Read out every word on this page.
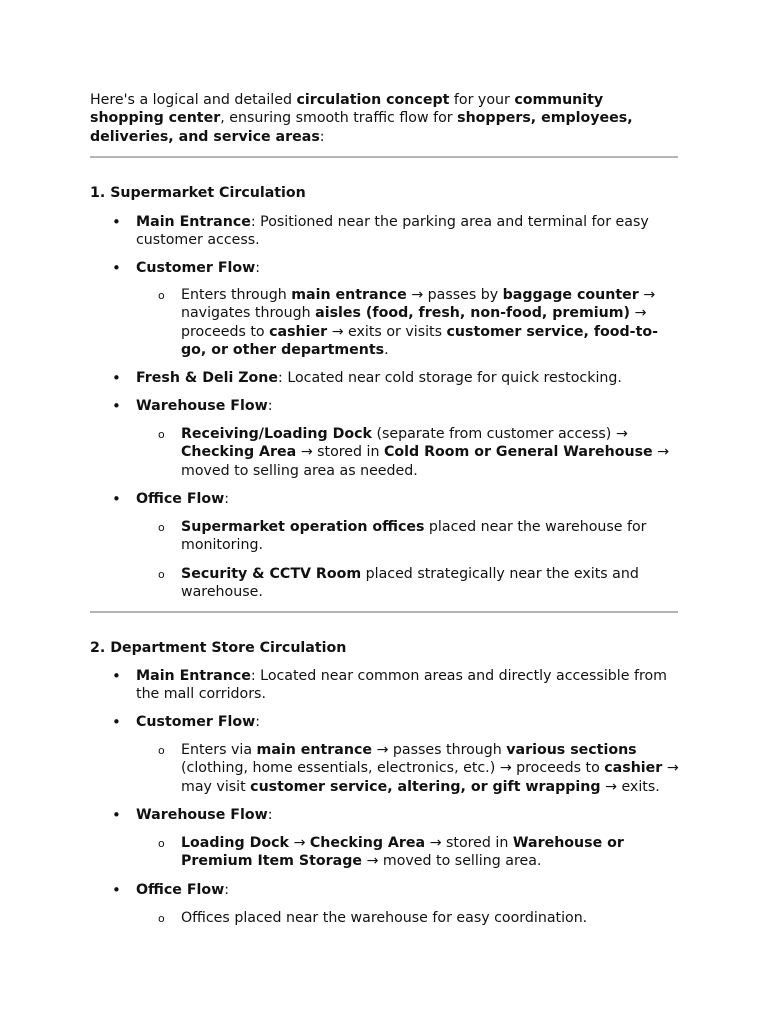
Here's a logical and detailed circulation concept for your community shopping center, ensuring smooth traffic flow for shoppers, employees, deliveries, and service areas:

1. Supermarket Circulation
• Main Entrance: Positioned near the parking area and terminal for easy customer access.
• Customer Flow:
o Enters through main entrance → passes by baggage counter → navigates through aisles (food, fresh, non-food, premium) → proceeds to cashier → exits or visits customer service, food-to-go, or other departments.
• Fresh & Deli Zone: Located near cold storage for quick restocking.
• Warehouse Flow:
o Receiving/Loading Dock (separate from customer access) → Checking Area → stored in Cold Room or General Warehouse → moved to selling area as needed.
• Office Flow:
o Supermarket operation offices placed near the warehouse for monitoring.
o Security & CCTV Room placed strategically near the exits and warehouse.
2. Department Store Circulation
• Main Entrance: Located near common areas and directly accessible from the mall corridors.
• Customer Flow:
o Enters via main entrance → passes through various sections (clothing, home essentials, electronics, etc.) → proceeds to cashier → may visit customer service, altering, or gift wrapping → exits.
• Warehouse Flow:
o Loading Dock → Checking Area → stored in Warehouse or Premium Item Storage → moved to selling area.
• Office Flow:
o Offices placed near the warehouse for easy coordination.
